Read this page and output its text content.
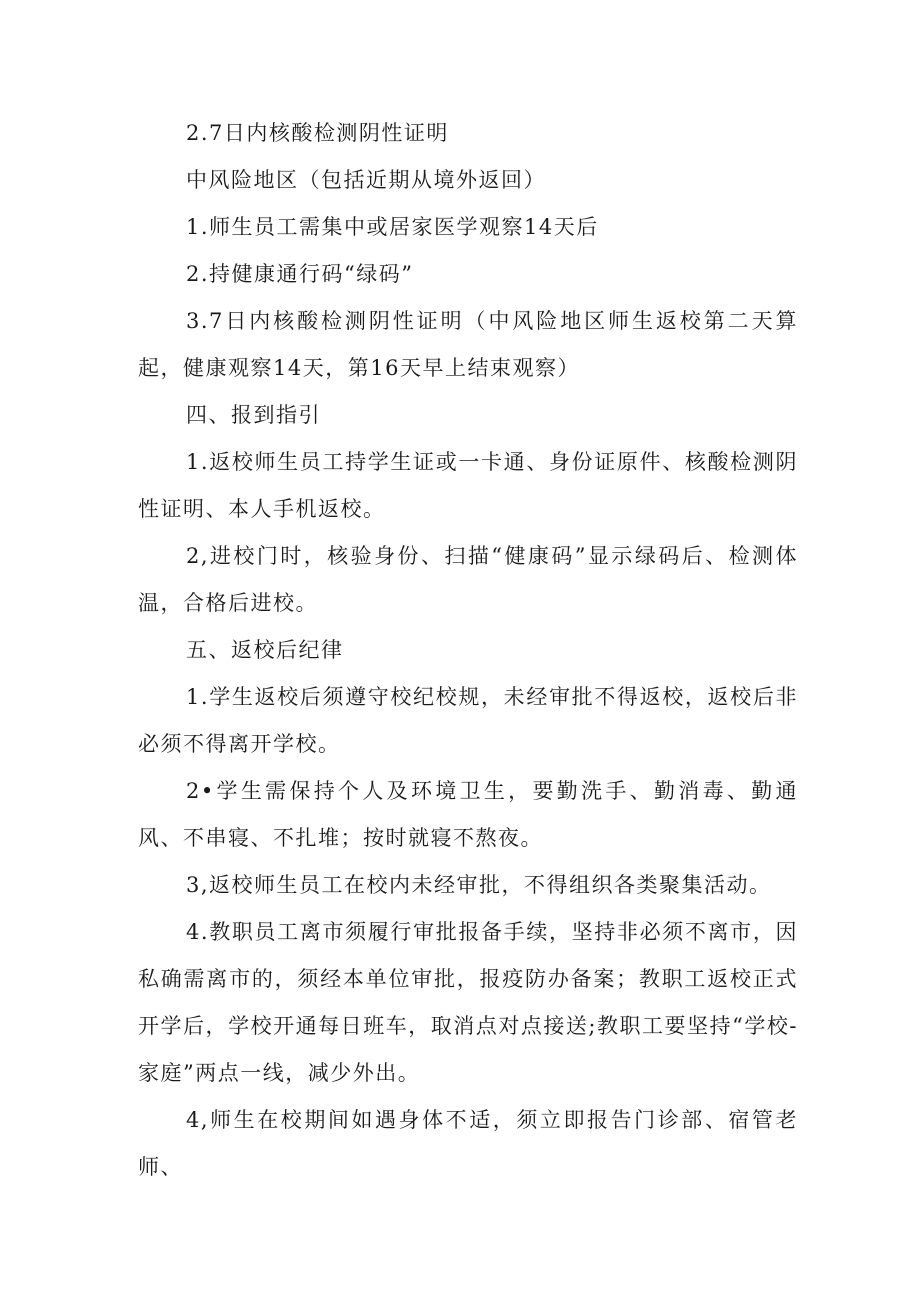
2.7日内核酸检测阴性证明

中风险地区（包括近期从境外返回）

1.师生员工需集中或居家医学观察14天后

2.持健康通行码“绿码”

3.7日内核酸检测阴性证明（中风险地区师生返校第二天算起，健康观察14天，第16天早上结束观察）

四、报到指引

1.返校师生员工持学生证或一卡通、身份证原件、核酸检测阴性证明、本人手机返校。

2,进校门时，核验身份、扫描“健康码”显示绿码后、检测体温，合格后进校。

五、返校后纪律

1.学生返校后须遵守校纪校规，未经审批不得返校，返校后非必须不得离开学校。

2•学生需保持个人及环境卫生，要勤洗手、勤消毒、勤通风、不串寝、不扎堆；按时就寝不熬夜。

3,返校师生员工在校内未经审批，不得组织各类聚集活动。

4.教职员工离市须履行审批报备手续，坚持非必须不离市，因私确需离市的，须经本单位审批，报疫防办备案；教职工返校正式开学后，学校开通每日班车，取消点对点接送;教职工要坚持“学校-家庭”两点一线，减少外出。

4,师生在校期间如遇身体不适，须立即报告门诊部、宿管老师、
